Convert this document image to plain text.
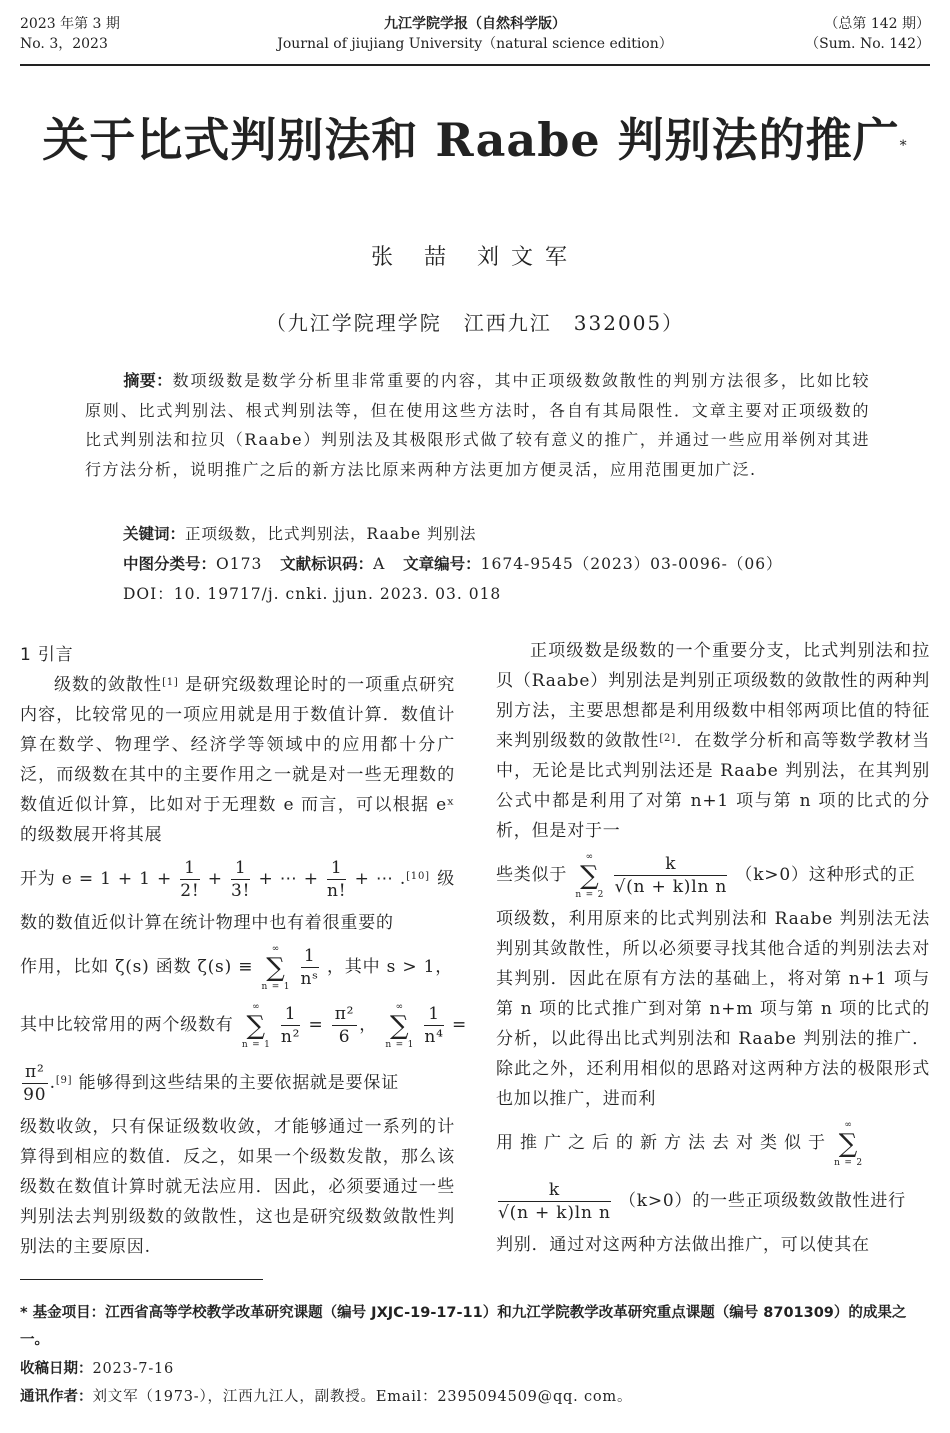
2023 年第 3 期
No. 3，2023
九江学院学报（自然科学版）
Journal of jiujiang University（natural science edition）
（总第 142 期）
（Sum. No. 142）
关于比式判别法和 Raabe 判别法的推广*
张 喆 刘文军
（九江学院理学院　江西九江　332005）
摘要：数项级数是数学分析里非常重要的内容，其中正项级数敛散性的判别方法很多，比如比较原则、比式判别法、根式判别法等，但在使用这些方法时，各自有其局限性．文章主要对正项级数的比式判别法和拉贝（Raabe）判别法及其极限形式做了较有意义的推广，并通过一些应用举例对其进行方法分析，说明推广之后的新方法比原来两种方法更加方便灵活，应用范围更加广泛.
关键词：正项级数，比式判别法，Raabe 判别法
中图分类号：O173 文献标识码：A 文章编号：1674-9545（2023）03-0096-（06）
DOI：10. 19717/j. cnki. jjun. 2023. 03. 018

1 引言

级数的敛散性[1] 是研究级数理论时的一项重点研究内容，比较常见的一项应用就是用于数值计算．数值计算在数学、物理学、经济学等领域中的应用都十分广泛，而级数在其中的主要作用之一就是对一些无理数的数值近似计算，比如对于无理数 e 而言，可以根据 eˣ 的级数展开将其展

开为 $e = 1 + 1 + \frac{1}{2!} + \frac{1}{3!}$ + ⋯ + $\frac{1}{n!}$ + ⋯ .[10] 级

数的数值近似计算在统计物理中也有着很重要的

作用，比如 ζ(s) 函数 ζ(s) ≡
∞
∑
n = 1
$\frac{1}{\text{nˢ}}$ ，其中 s > 1，
其中比较常用的两个级数有
∞
∑
n = 1
$\frac{1}{\text{n²}} = \frac{\text{π²}}{6}$ ，
∞
∑
n = 1
$\frac{1}{\text{n⁴}}$ =
$\frac{\text{π²}}{90} .[9]$ 能够得到这些结果的主要依据就是要保证

级数收敛，只有保证级数收敛，才能够通过一系列的计算得到相应的数值．反之，如果一个级数发散，那么该级数在数值计算时就无法应用．因此，必须要通过一些判别法去判别级数的敛散性，这也是研究级数敛散性判别法的主要原因.

正项级数是级数的一个重要分支，比式判别法和拉贝（Raabe）判别法是判别正项级数的敛散性的两种判别方法，主要思想都是利用级数中相邻两项比值的特征来判别级数的敛散性[2]．在数学分析和高等数学教材当中，无论是比式判别法还是 Raabe 判别法，在其判别公式中都是利用了对第 n+1 项与第 n 项的比式的分析，但是对于一

些类似于
∞
∑
n = 2
$\frac{k}{\text{√(n + k)ln n}} (k>0)$这种形式的正

项级数，利用原来的比式判别法和 Raabe 判别法无法判别其敛散性，所以必须要寻找其他合适的判别法去对其判别．因此在原有方法的基础上，将对第 n+1 项与第 n 项的比式推广到对第 n+m 项与第 n 项的比式的分析，以此得出比式判别法和 Raabe 判别法的推广．除此之外，还利用相似的思路对这两种方法的极限形式也加以推广，进而利

用 推 广 之 后 的 新 方 法 去 对 类 似 于
∞
∑
n = 2
$\frac{k}{\text{√(n + k)ln n}} (k>0)$的一些正项级数敛散性进行

判别．通过对这两种方法做出推广，可以使其在

* 基金项目：江西省高等学校教学改革研究课题（编号 JXJC-19-17-11）和九江学院教学改革研究重点课题（编号 8701309）的成果之一。
收稿日期：2023-7-16
通讯作者：刘文军（1973-），江西九江人，副教授。Email：2395094509@qq. com。
